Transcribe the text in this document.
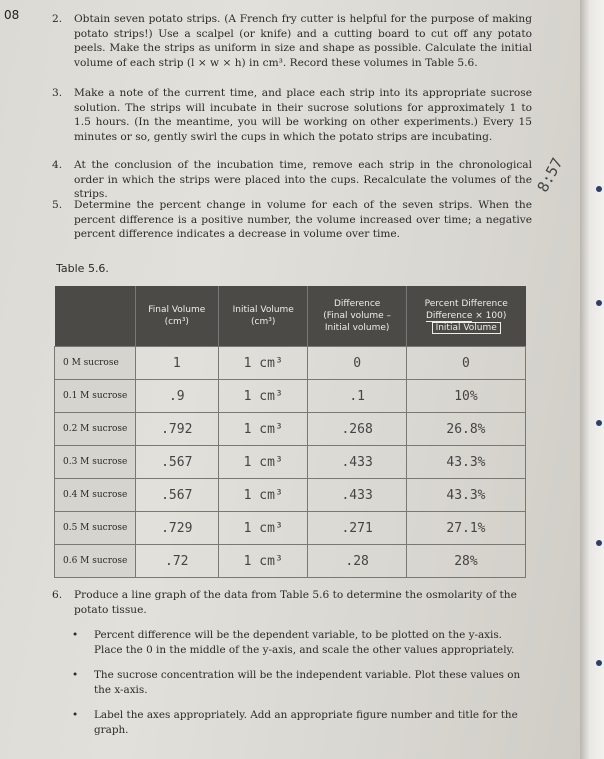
08	2. Obtain seven potato strips. (A French fry cutter is helpful for the purpose of making potato strips!) Use a scalpel (or knife) and a cutting board to cut off any potato peels. Make the strips as uniform in size and shape as possible. Calculate the initial volume of each strip (l × w × h) in cm³. Record these volumes in Table 5.6.
3. Make a note of the current time, and place each strip into its appropriate sucrose solution. The strips will incubate in their sucrose solutions for approximately 1 to 1.5 hours. (In the meantime, you will be working on other experiments.) Every 15 minutes or so, gently swirl the cups in which the potato strips are incubating.
4. At the conclusion of the incubation time, remove each strip in the chronological order in which the strips were placed into the cups. Recalculate the volumes of the strips.
5. Determine the percent change in volume for each of the seven strips. When the percent difference is a positive number, the volume increased over time; a negative percent difference indicates a decrease in volume over time.
8:57
Table 5.6.
	Final Volume
(cm³)	Initial Volume
(cm³)	Difference
(Final volume –
Initial volume)	Percent Difference
Difference × 100)
Initial Volume
0 M sucrose	1	1 cm³	0	0
0.1 M sucrose	.9	1 cm³	.1	10%
0.2 M sucrose	.792	1 cm³	.268	26.8%
0.3 M sucrose	.567	1 cm³	.433	43.3%
0.4 M sucrose	.567	1 cm³	.433	43.3%
0.5 M sucrose	.729	1 cm³	.271	27.1%
0.6 M sucrose	.72	1 cm³	.28	28%
6. Produce a line graph of the data from Table 5.6 to determine the osmolarity of the potato tissue.
• Percent difference will be the dependent variable, to be plotted on the y-axis. Place the 0 in the middle of the y-axis, and scale the other values appropriately.
• The sucrose concentration will be the independent variable. Plot these values on the x-axis.
• Label the axes appropriately. Add an appropriate figure number and title for the graph.
